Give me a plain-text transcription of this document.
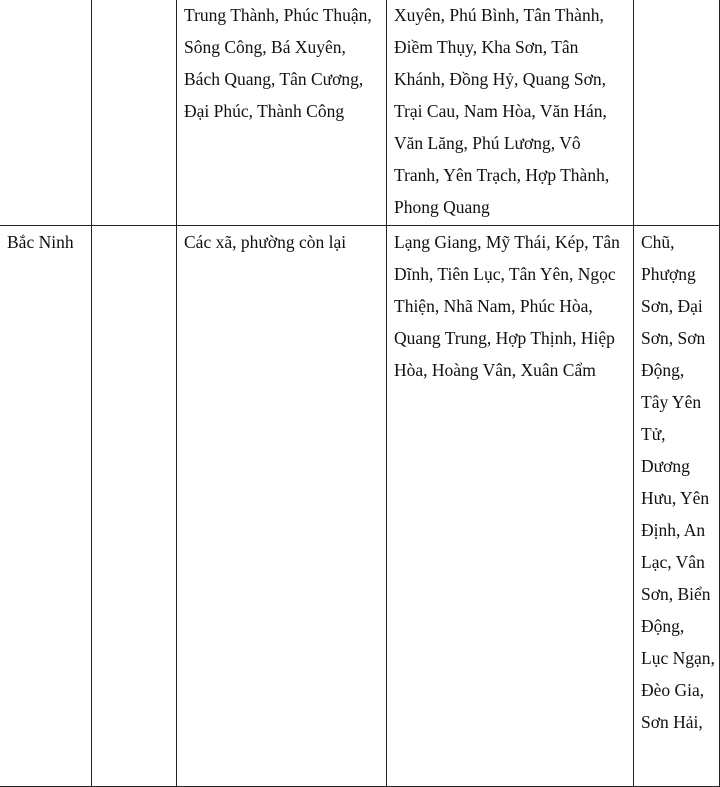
		Trung Thành, Phúc Thuận, Sông Công, Bá Xuyên, Bách Quang, Tân Cương, Đại Phúc, Thành Công	Xuyên, Phú Bình, Tân Thành, Điềm Thụy, Kha Sơn, Tân Khánh, Đồng Hỷ, Quang Sơn, Trại Cau, Nam Hòa, Văn Hán, Văn Lăng, Phú Lương, Vô Tranh, Yên Trạch, Hợp Thành, Phong Quang	

Bắc Ninh		Các xã, phường còn lại	Lạng Giang, Mỹ Thái, Kép, Tân Dĩnh, Tiên Lục, Tân Yên, Ngọc Thiện, Nhã Nam, Phúc Hòa, Quang Trung, Hợp Thịnh, Hiệp Hòa, Hoàng Vân, Xuân Cẩm	Chũ, Phượng Sơn, Đại Sơn, Sơn Động, Tây Yên Tử, Dương Hưu, Yên Định, An Lạc, Vân Sơn, Biển Động, Lục Ngạn, Đèo Gia, Sơn Hải,
